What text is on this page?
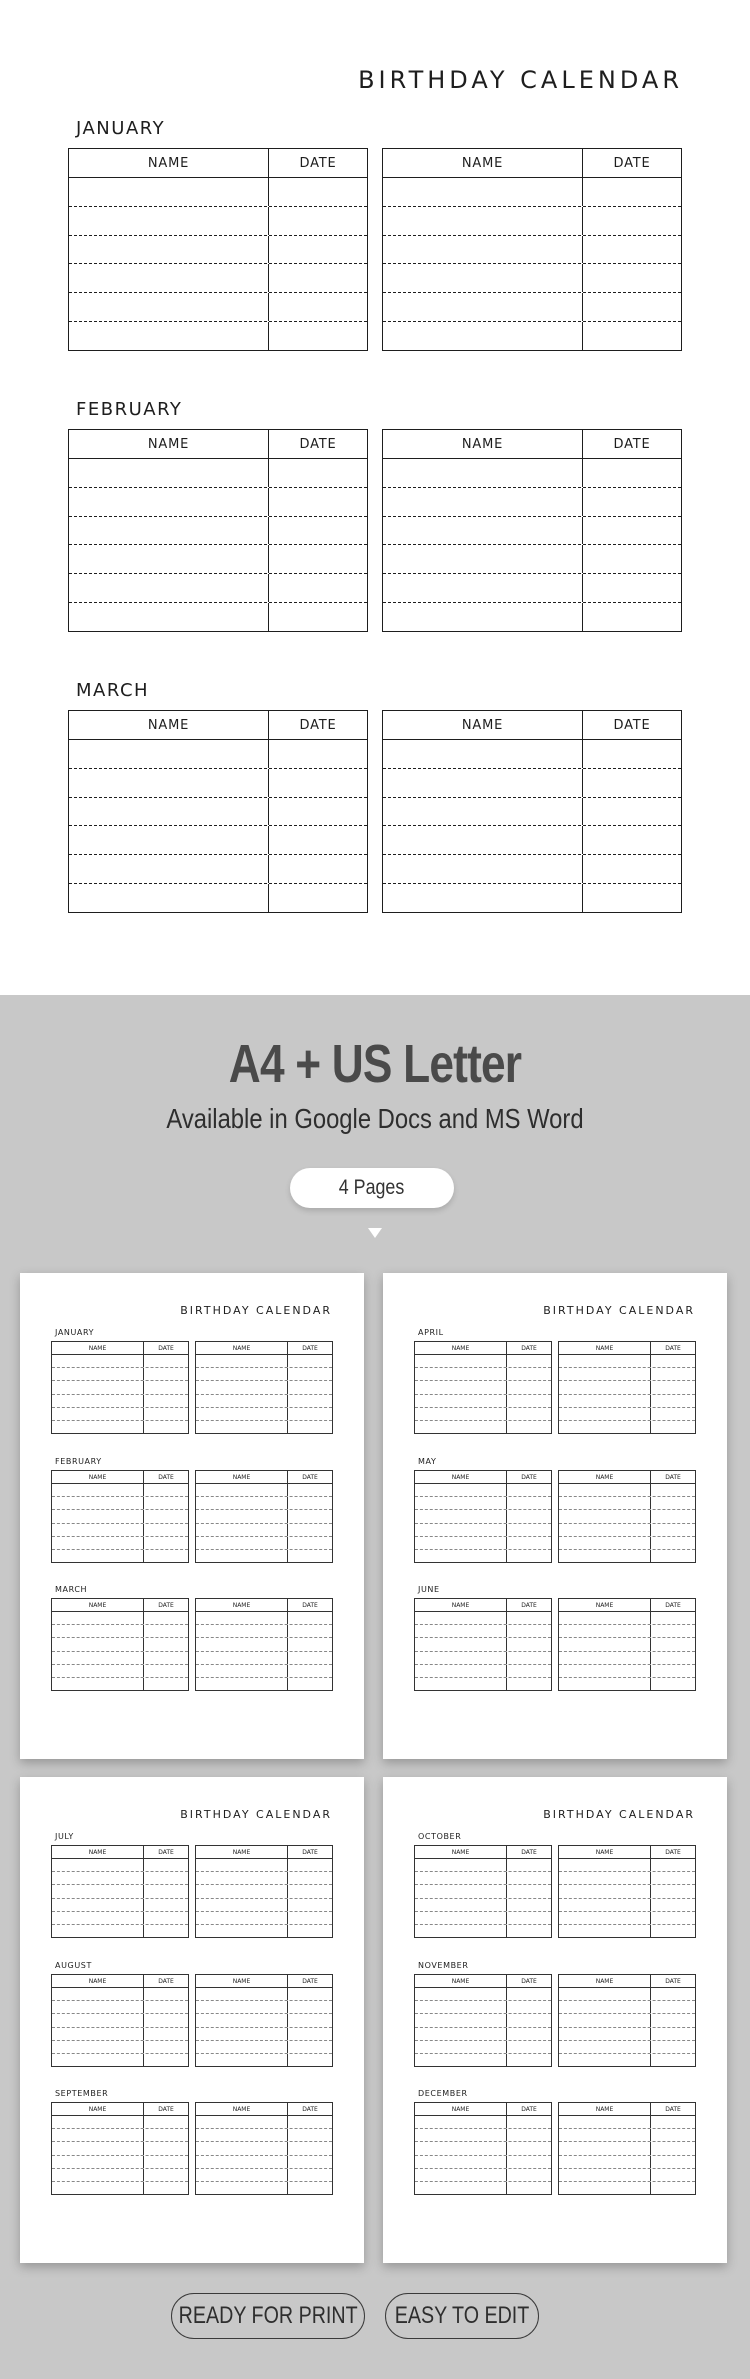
BIRTHDAY CALENDAR
JANUARY
NAME	DATE	NAME	DATE
FEBRUARY
NAME	DATE	NAME	DATE
MARCH
NAME	DATE	NAME	DATE
A4 + US Letter
Available in Google Docs and MS Word
4 Pages
BIRTHDAY CALENDAR
JANUARY
NAME	DATE	NAME	DATE
FEBRUARY
NAME	DATE	NAME	DATE
MARCH
NAME	DATE	NAME	DATE
BIRTHDAY CALENDAR
APRIL
NAME	DATE	NAME	DATE
MAY
NAME	DATE	NAME	DATE
JUNE
NAME	DATE	NAME	DATE
BIRTHDAY CALENDAR
JULY
NAME	DATE	NAME	DATE
AUGUST
NAME	DATE	NAME	DATE
SEPTEMBER
NAME	DATE	NAME	DATE
BIRTHDAY CALENDAR
OCTOBER
NAME	DATE	NAME	DATE
NOVEMBER
NAME	DATE	NAME	DATE
DECEMBER
NAME	DATE	NAME	DATE
READY FOR PRINT EASY TO EDIT
